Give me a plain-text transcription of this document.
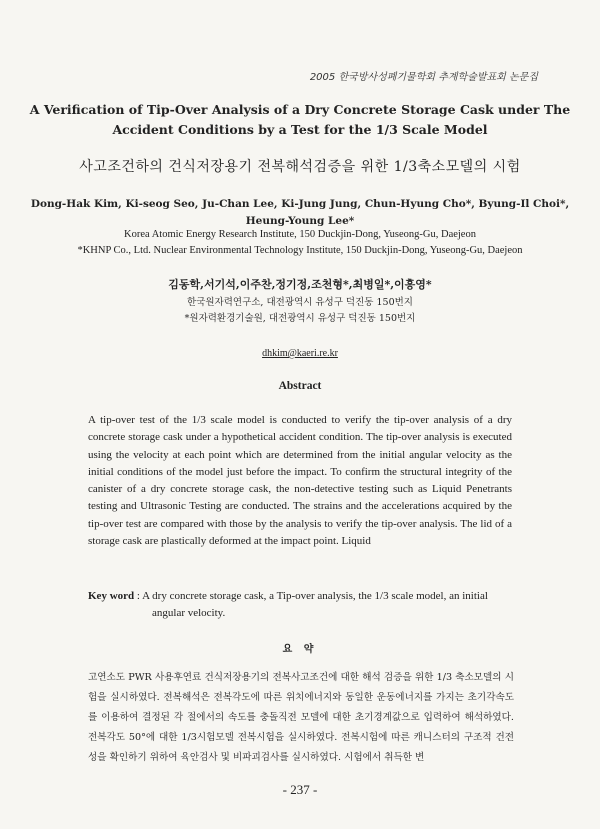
2005 한국방사성폐기물학회 추계학술발표회 논문집
A Verification of Tip-Over Analysis of a Dry Concrete Storage Cask under The
Accident Conditions by a Test for the 1/3 Scale Model
사고조건하의 건식저장용기 전복해석검증을 위한 1/3축소모델의 시험
Dong-Hak Kim, Ki-seog Seo, Ju-Chan Lee, Ki-Jung Jung, Chun-Hyung Cho*, Byung-Il Choi*,
Heung-Young Lee*
Korea Atomic Energy Research Institute, 150 Duckjin-Dong, Yuseong-Gu, Daejeon
*KHNP Co., Ltd. Nuclear Environmental Technology Institute, 150 Duckjin-Dong, Yuseong-Gu, Daejeon
김동학,서기석,이주찬,정기정,조천형*,최병일*,이흥영*
한국원자력연구소, 대전광역시 유성구 덕진동 150번지
*원자력환경기술원, 대전광역시 유성구 덕진동 150번지
dhkim@kaeri.re.kr
Abstract
A tip-over test of the 1/3 scale model is conducted to verify the tip-over analysis of a dry concrete storage cask under a hypothetical accident condition. The tip-over analysis is executed using the velocity at each point which are determined from the initial angular velocity as the initial conditions of the model just before the impact. To confirm the structural integrity of the canister of a dry concrete storage cask, the non-detective testing such as Liquid Penetrants testing and Ultrasonic Testing are conducted. The strains and the accelerations acquired by the tip-over test are compared with those by the analysis to verify the tip-over analysis. The lid of a storage cask are plastically deformed at the impact point. Liquid
Key word : A dry concrete storage cask, a Tip-over analysis, the 1/3 scale model, an initial
angular velocity.
요 약
고연소도 PWR 사용후연료 건식저장용기의 전복사고조건에 대한 해석 검증을 위한 1/3 축소모델의 시험을 실시하였다. 전복해석은 전복각도에 따른 위치에너지와 동일한 운동에너지를 가지는 초기각속도를 이용하여 결정된 각 절에서의 속도를 충돌직전 모델에 대한 초기경계값으로 입력하여 해석하였다. 전복각도 50°에 대한 1/3시험모델 전복시험을 실시하였다. 전복시험에 따른 캐니스터의 구조적 건전성을 확인하기 위하여 육안검사 및 비파괴검사를 실시하였다. 시험에서 취득한 변
- 237 -
